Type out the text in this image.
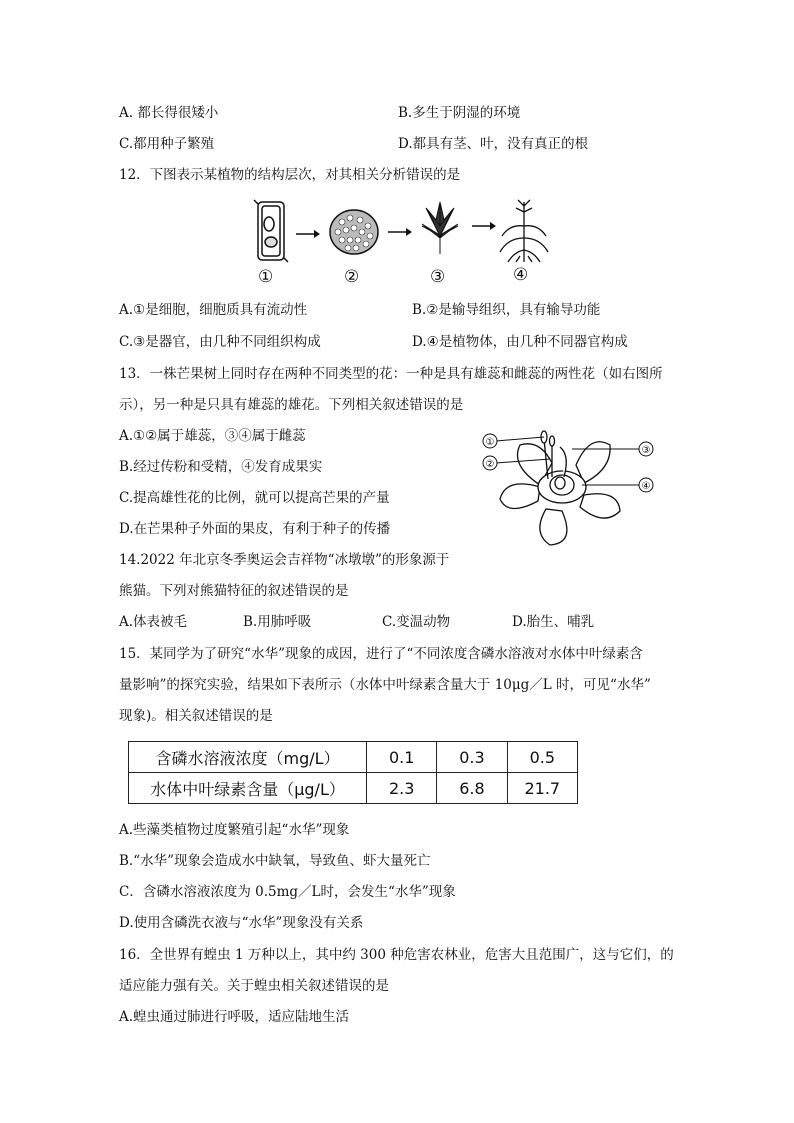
A. 都长得很矮小	B.多生于阴湿的环境
C.都用种子繁殖	D.都具有茎、叶，没有真正的根
12．下图表示某植物的结构层次，对其相关分析错误的是
①	②	③	④
A.①是细胞，细胞质具有流动性	B.②是输导组织，具有输导功能
C.③是器官，由几种不同组织构成	D.④是植物体，由几种不同器官构成
13．一株芒果树上同时存在两种不同类型的花：一种是具有雄蕊和雌蕊的两性花（如右图所
示），另一种是只具有雄蕊的雄花。下列相关叙述错误的是
A.①②属于雄蕊，③④属于雌蕊
B.经过传粉和受精，④发育成果实
C.提高雄性花的比例，就可以提高芒果的产量
D.在芒果种子外面的果皮，有利于种子的传播
①
②
③
④
14.2022 年北京冬季奥运会吉祥物“冰墩墩”的形象源于
熊猫。下列对熊猫特征的叙述错误的是
A.体表被毛	B.用肺呼吸	C.变温动物	D.胎生、哺乳
15．某同学为了研究“水华”现象的成因，进行了“不同浓度含磷水溶液对水体中叶绿素含
量影响”的探究实验，结果如下表所示（水体中叶绿素含量大于 10μg／L 时，可见“水华”
现象)。相关叙述错误的是
含磷水溶液浓度（mg/L）	0.1	0.3	0.5
水体中叶绿素含量（μg/L）	2.3	6.8	21.7
A.些藻类植物过度繁殖引起“水华”现象
B.“水华”现象会造成水中缺氧，导致鱼、虾大量死亡
C．含磷水溶液浓度为 0.5mg／L时，会发生“水华”现象
D.使用含磷洗衣液与“水华”现象没有关系
16．全世界有蝗虫 1 万种以上，其中约 300 种危害农林业，危害大且范围广，这与它们，的
适应能力强有关。关于蝗虫相关叙述错误的是
A.蝗虫通过肺进行呼吸，适应陆地生活
